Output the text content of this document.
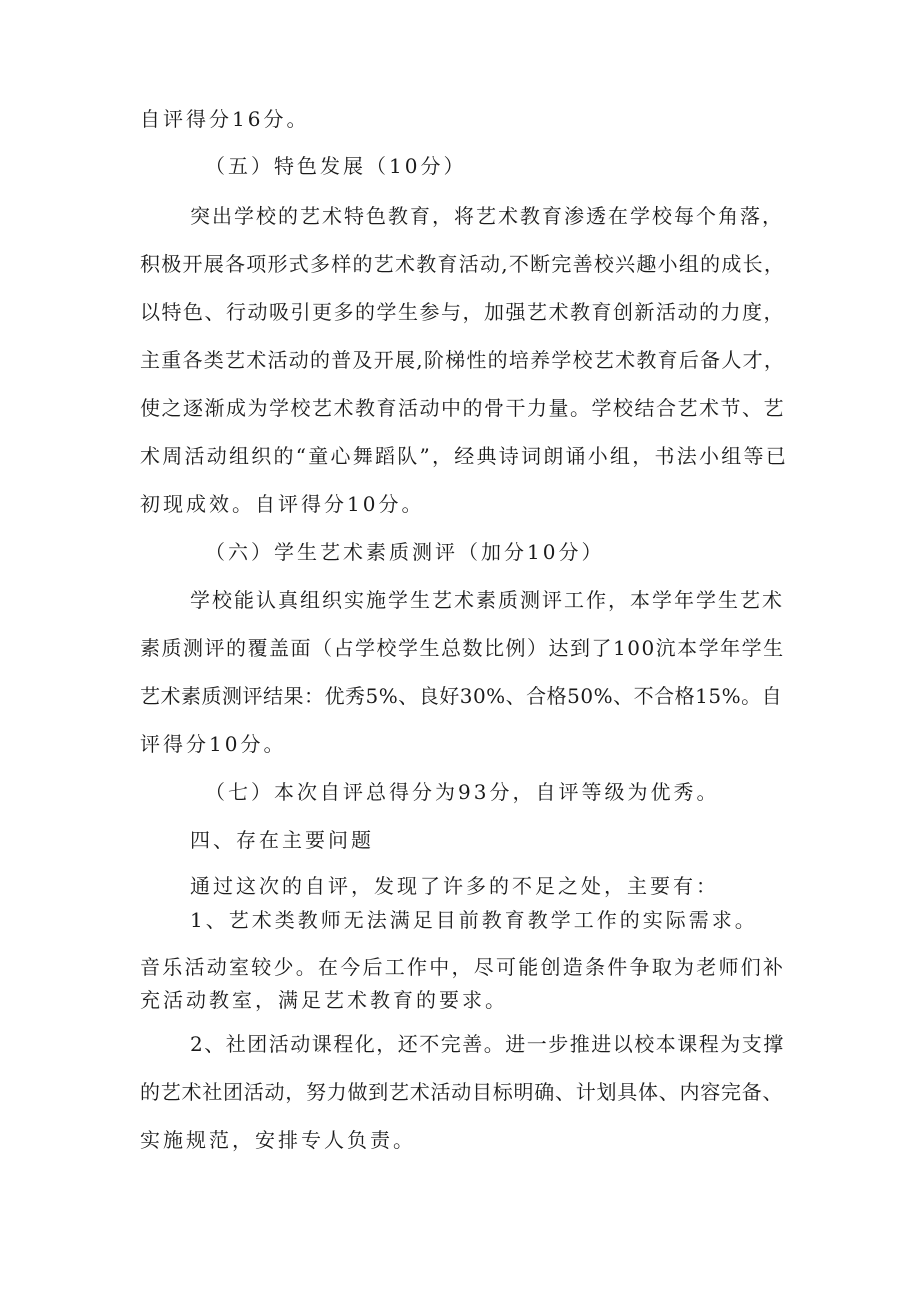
自评得分16分。
（五）特色发展（10分）
突出学校的艺术特色教育，将艺术教育渗透在学校每个角落，
积极开展各项形式多样的艺术教育活动,不断完善校兴趣小组的成长，
以特色、行动吸引更多的学生参与，加强艺术教育创新活动的力度，
主重各类艺术活动的普及开展,阶梯性的培养学校艺术教育后备人才，
使之逐渐成为学校艺术教育活动中的骨干力量。学校结合艺术节、艺
术周活动组织的“童心舞蹈队”，经典诗词朗诵小组，书法小组等已
初现成效。自评得分10分。
（六）学生艺术素质测评（加分10分）
学校能认真组织实施学生艺术素质测评工作，本学年学生艺术
素质测评的覆盖面（占学校学生总数比例）达到了100沆本学年学生
艺术素质测评结果：优秀5%、良好30%、合格50%、不合格15%。自
评得分10分。
（七）本次自评总得分为93分，自评等级为优秀。
四、存在主要问题
通过这次的自评，发现了许多的不足之处，主要有：
1、艺术类教师无法满足目前教育教学工作的实际需求。
音乐活动室较少。在今后工作中，尽可能创造条件争取为老师们补
充活动教室，满足艺术教育的要求。
2、社团活动课程化，还不完善。进一步推进以校本课程为支撑
的艺术社团活动，努力做到艺术活动目标明确、计划具体、内容完备、
实施规范，安排专人负责。
